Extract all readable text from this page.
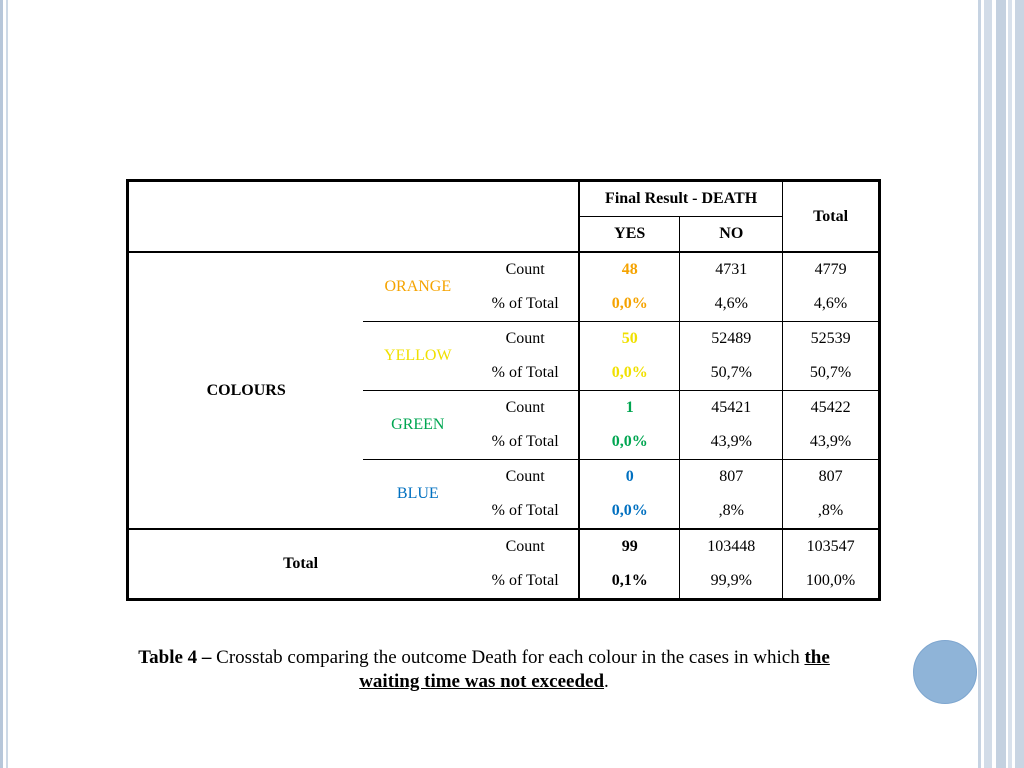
			Final Result - DEATH		Total
			YES	NO	
COLOURS	ORANGE	Count	48	4731	4779
		% of Total	0,0%	4,6%	4,6%
	YELLOW	Count	50	52489	52539
		% of Total	0,0%	50,7%	50,7%
	GREEN	Count	1	45421	45422
		% of Total	0,0%	43,9%	43,9%
	BLUE	Count	0	807	807
		% of Total	0,0%	,8%	,8%
Total		Count	99	103448	103547
		% of Total	0,1%	99,9%	100,0%
Table 4 – Crosstab comparing the outcome Death for each colour in the cases in which the waiting time was not exceeded.
